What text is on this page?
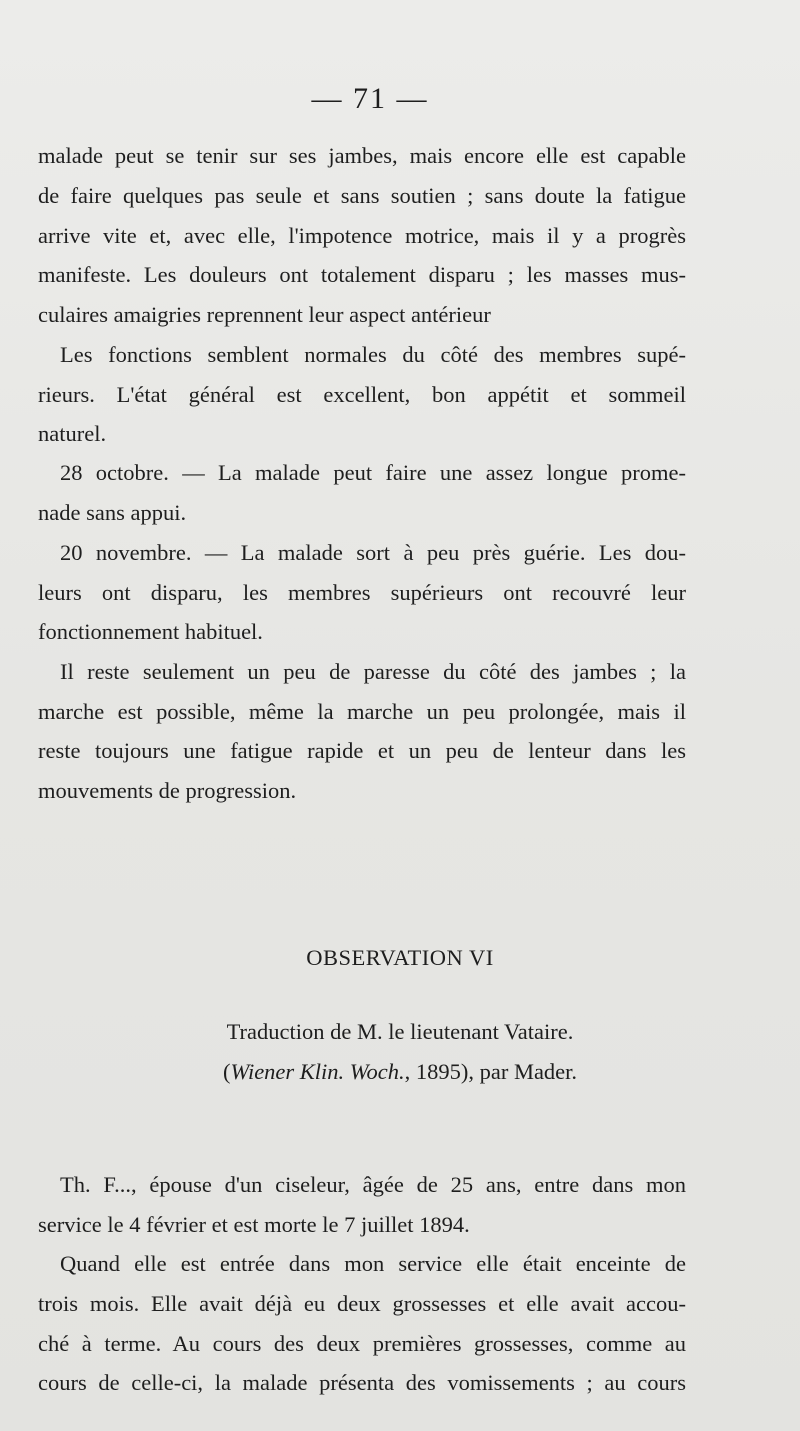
— 71 —
malade peut se tenir sur ses jambes, mais encore elle est capable
de faire quelques pas seule et sans soutien ; sans doute la fatigue
arrive vite et, avec elle, l'impotence motrice, mais il y a progrès
manifeste. Les douleurs ont totalement disparu ; les masses mus-
culaires amaigries reprennent leur aspect antérieur
Les fonctions semblent normales du côté des membres supé-
rieurs. L'état général est excellent, bon appétit et sommeil
naturel.
28 octobre. — La malade peut faire une assez longue prome-
nade sans appui.
20 novembre. — La malade sort à peu près guérie. Les dou-
leurs ont disparu, les membres supérieurs ont recouvré leur
fonctionnement habituel.
Il reste seulement un peu de paresse du côté des jambes ; la
marche est possible, même la marche un peu prolongée, mais il
reste toujours une fatigue rapide et un peu de lenteur dans les
mouvements de progression.
OBSERVATION VI
Traduction de M. le lieutenant Vataire.
(Wiener Klin. Woch., 1895), par Mader.
Th. F..., épouse d'un ciseleur, âgée de 25 ans, entre dans mon
service le 4 février et est morte le 7 juillet 1894.
Quand elle est entrée dans mon service elle était enceinte de
trois mois. Elle avait déjà eu deux grossesses et elle avait accou-
ché à terme. Au cours des deux premières grossesses, comme au
cours de celle-ci, la malade présenta des vomissements ; au cours
